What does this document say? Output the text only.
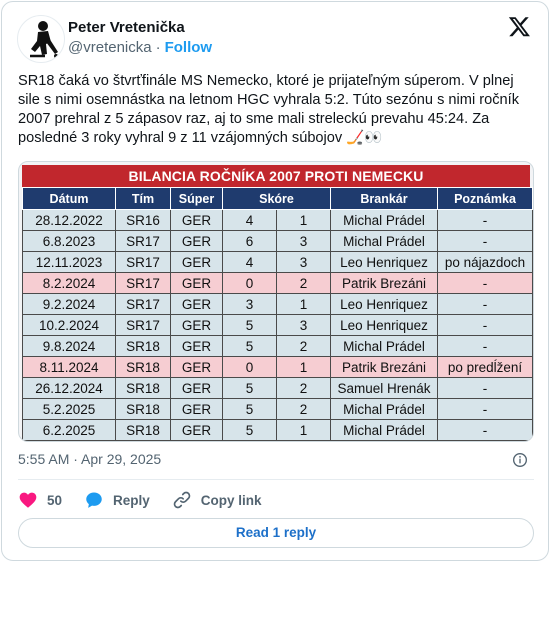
Peter Vretenička
@vretenicka · Follow
SR18 čaká vo štvrťfinále MS Nemecko, ktoré je prijateľným súperom. V plnej sile s nimi osemnástka na letnom HGC vyhrala 5:2. Túto sezónu s nimi ročník 2007 prehral z 5 zápasov raz, aj to sme mali streleckú prevahu 45:24. Za posledné 3 roky vyhral 9 z 11 vzájomných súbojov 🏒👀
BILANCIA ROČNÍKA 2007 PROTI NEMECKU
Dátum	Tím	Súper	Skóre		Brankár	Poznámka
28.12.2022	SR16	GER	4	1	Michal Prádel	-
6.8.2023	SR17	GER	6	3	Michal Prádel	-
12.11.2023	SR17	GER	4	3	Leo Henriquez	po nájazdoch
8.2.2024	SR17	GER	0	2	Patrik Brezáni	-
9.2.2024	SR17	GER	3	1	Leo Henriquez	-
10.2.2024	SR17	GER	5	3	Leo Henriquez	-
9.8.2024	SR18	GER	5	2	Michal Prádel	-
8.11.2024	SR18	GER	0	1	Patrik Brezáni	po predĺžení
26.12.2024	SR18	GER	5	2	Samuel Hrenák	-
5.2.2025	SR18	GER	5	2	Michal Prádel	-
6.2.2025	SR18	GER	5	1	Michal Prádel	-
5:55 AM · Apr 29, 2025
50	Reply	Copy link
Read 1 reply
